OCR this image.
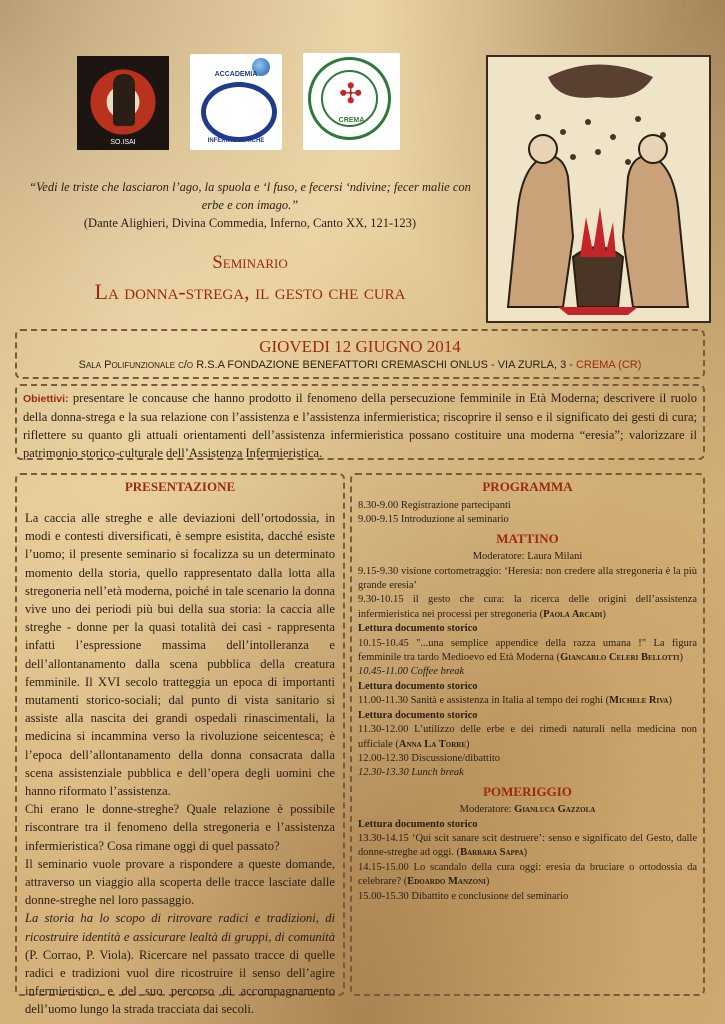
SO.ISAI
ACCADEMIA
INFERMIERISTICHE
✣
CREMA
“Vedi le triste che lasciaron l’ago, la spuola e ‘l fuso, e fecersi ‘ndivine; fecer malie con erbe e con imago.”
(Dante Alighieri, Divina Commedia, Inferno, Canto XX, 121-123)
Seminario
La donna-strega, il gesto che cura
GIOVEDI 12 GIUGNO 2014
Sala Polifunzionale c/o R.S.A FONDAZIONE BENEFATTORI CREMASCHI ONLUS - VIA ZURLA, 3 - CREMA (CR)
Obiettivi: presentare le concause che hanno prodotto il fenomeno della persecuzione femminile in Età Moderna; descrivere il ruolo della donna-strega e la sua relazione con l’assistenza e l’assistenza infermieristica; riscoprire il senso e il significato dei gesti di cura; riflettere su quanto gli attuali orientamenti dell’assistenza infermieristica possano costituire una moderna “eresia”; valorizzare il patrimonio storico-culturale dell’Assistenza Infermieristica.
PRESENTAZIONE
La caccia alle streghe e alle deviazioni dell’ortodossia, in modi e contesti diversificati, è sempre esistita, dacché esiste l’uomo; il presente seminario si focalizza su un determinato momento della storia, quello rappresentato dalla lotta alla stregoneria nell’età moderna, poiché in tale scenario la donna vive uno dei periodi più bui della sua storia: la caccia alle streghe - donne per la quasi totalità dei casi - rappresenta infatti l’espressione massima dell’intolleranza e dell’allontanamento dalla scena pubblica della creatura femminile. Il XVI secolo tratteggia un epoca di importanti mutamenti storico-sociali; dal punto di vista sanitario si assiste alla nascita dei grandi ospedali rinascimentali, la medicina si incammina verso la rivoluzione seicentesca; è l’epoca dell’allontanamento della donna consacrata dalla scena assistenziale pubblica e dell’opera degli uomini che hanno riformato l’assistenza.
Chi erano le donne-streghe? Quale relazione è possibile riscontrare tra il fenomeno della stregoneria e l’assistenza infermieristica? Cosa rimane oggi di quel passato?
Il seminario vuole provare a rispondere a queste domande, attraverso un viaggio alla scoperta delle tracce lasciate dalle donne-streghe nel loro passaggio.
La storia ha lo scopo di ritrovare radici e tradizioni, di ricostruire identità e assicurare lealtà di gruppi, di comunità (P. Corrao, P. Viola). Ricercare nel passato tracce di quelle radici e tradizioni vuol dire ricostruire il senso dell’agire infermieristico e del suo percorso di accompagnamento dell’uomo lungo la strada tracciata dai secoli.
PROGRAMMA
8.30-9.00 Registrazione partecipanti
9.00-9.15 Introduzione al seminario
MATTINO
Moderatore: Laura Milani
9.15-9.30 visione cortometraggio: ‘Heresia: non credere alla stregoneria è la più grande eresia’
9.30-10.15 il gesto che cura: la ricerca delle origini dell’assistenza infermieristica nei processi per stregoneria (Paola Arcadi)
Lettura documento storico
10.15-10.45 "...una semplice appendice della razza umana !" La figura femminile tra tardo Medioevo ed Età Moderna (Giancarlo Celeri Bellotti)
10.45-11.00 Coffee break
Lettura documento storico
11.00-11.30 Sanità e assistenza in Italia al tempo dei roghi (Michele Riva)
Lettura documento storico
11.30-12.00 L’utilizzo delle erbe e dei rimedi naturali nella medicina non ufficiale (Anna La Torre)
12.00-12.30 Discussione/dibattito
12.30-13.30 Lunch break
POMERIGGIO
Moderatore: Gianluca Gazzola
Lettura documento storico
13.30-14.15 ‘Qui scit sanare scit destruere’: senso e significato del Gesto, dalle donne-streghe ad oggi. (Barbara Sappa)
14.15-15.00 Lo scandalo della cura oggi: eresia da bruciare o ortodossia da celebrare? (Edoardo Manzoni)
15.00-15.30 Dibattito e conclusione del seminario
